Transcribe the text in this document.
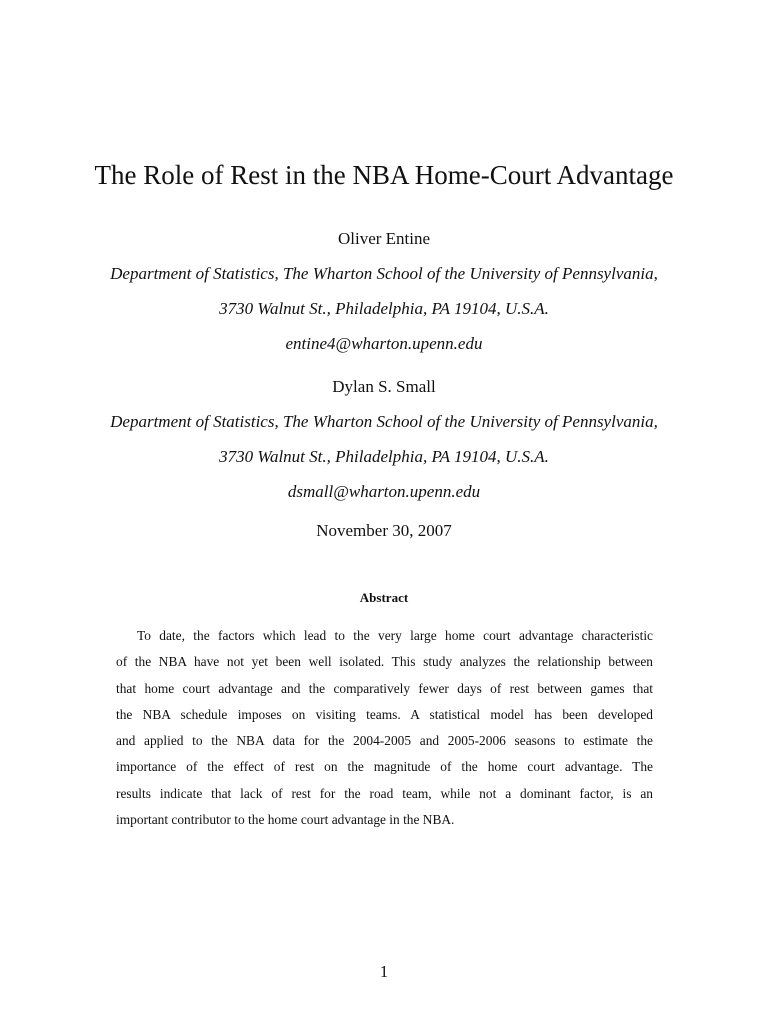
The Role of Rest in the NBA Home-Court Advantage
Oliver Entine
Department of Statistics, The Wharton School of the University of Pennsylvania,
3730 Walnut St., Philadelphia, PA 19104, U.S.A.
entine4@wharton.upenn.edu
Dylan S. Small
Department of Statistics, The Wharton School of the University of Pennsylvania,
3730 Walnut St., Philadelphia, PA 19104, U.S.A.
dsmall@wharton.upenn.edu
November 30, 2007
Abstract
To date, the factors which lead to the very large home court advantage characteristic
of the NBA have not yet been well isolated. This study analyzes the relationship between
that home court advantage and the comparatively fewer days of rest between games that
the NBA schedule imposes on visiting teams. A statistical model has been developed
and applied to the NBA data for the 2004-2005 and 2005-2006 seasons to estimate the
importance of the effect of rest on the magnitude of the home court advantage. The
results indicate that lack of rest for the road team, while not a dominant factor, is an
important contributor to the home court advantage in the NBA.
1
